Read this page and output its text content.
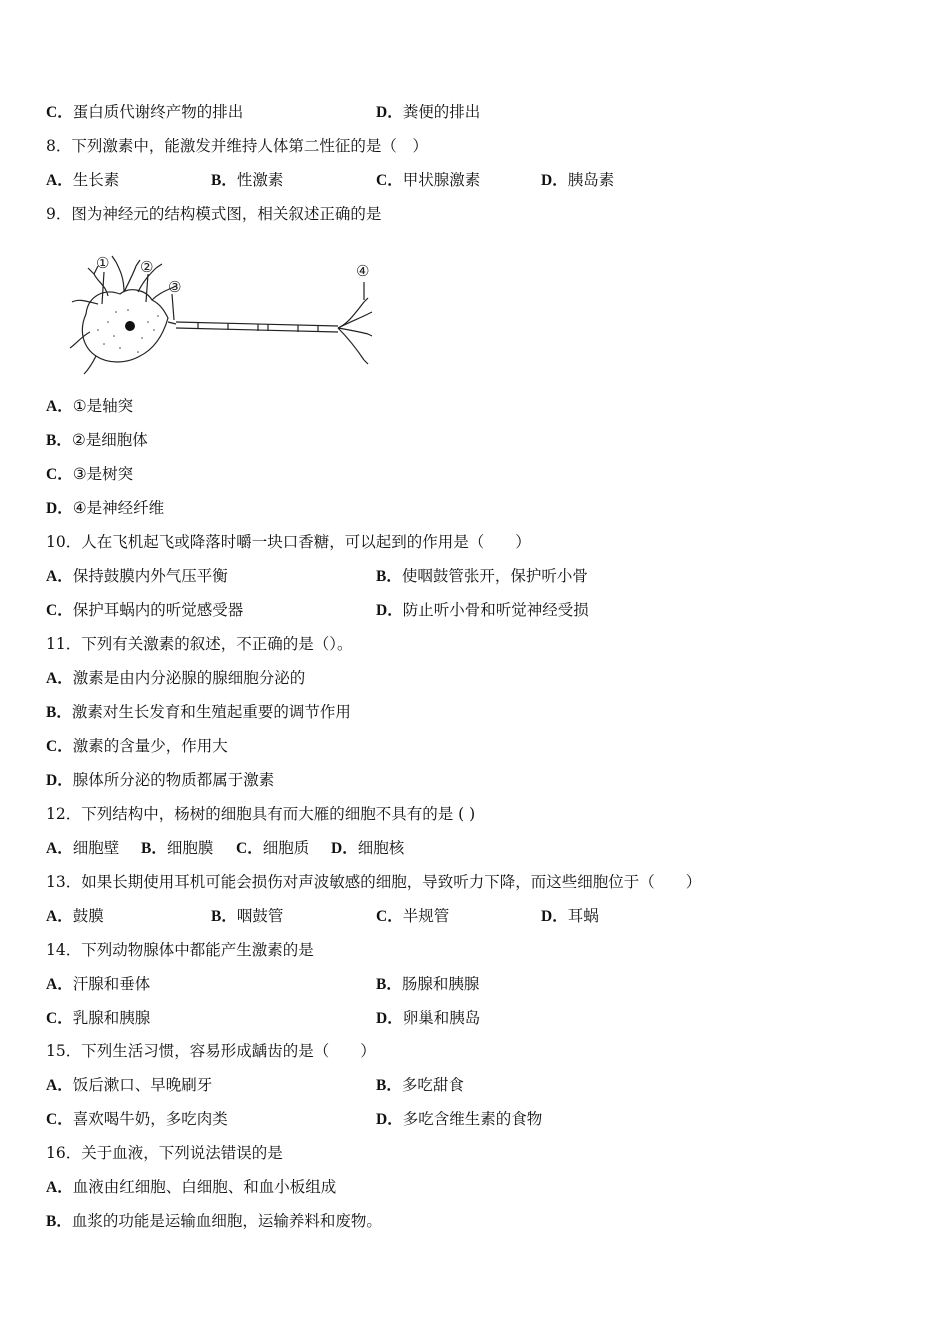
C．蛋白质代谢终产物的排出	D．粪便的排出
8．下列激素中，能激发并维持人体第二性征的是（　）
A．生长素	B．性激素	C．甲状腺激素	D．胰岛素
9．图为神经元的结构模式图，相关叙述正确的是
① ②
③
④
A．①是轴突
B．②是细胞体
C．③是树突
D．④是神经纤维
10．人在飞机起飞或降落时嚼一块口香糖，可以起到的作用是（　　）
A．保持鼓膜内外气压平衡	B．使咽鼓管张开，保护听小骨
C．保护耳蜗内的听觉感受器	D．防止听小骨和听觉神经受损
11．下列有关激素的叙述，不正确的是（）。
A．激素是由内分泌腺的腺细胞分泌的
B．激素对生长发育和生殖起重要的调节作用
C．激素的含量少，作用大
D．腺体所分泌的物质都属于激素
12．下列结构中，杨树的细胞具有而大雁的细胞不具有的是 ( )
A．细胞壁 B．细胞膜 C．细胞质 D．细胞核
13．如果长期使用耳机可能会损伤对声波敏感的细胞，导致听力下降，而这些细胞位于（　　）
A．鼓膜	B．咽鼓管	C．半规管	D．耳蜗
14．下列动物腺体中都能产生激素的是
A．汗腺和垂体	B．肠腺和胰腺
C．乳腺和胰腺	D．卵巢和胰岛
15．下列生活习惯，容易形成龋齿的是（　　）
A．饭后漱口、早晚刷牙	B．多吃甜食
C．喜欢喝牛奶，多吃肉类	D．多吃含维生素的食物
16．关于血液，下列说法错误的是
A．血液由红细胞、白细胞、和血小板组成
B．血浆的功能是运输血细胞，运输养料和废物。
